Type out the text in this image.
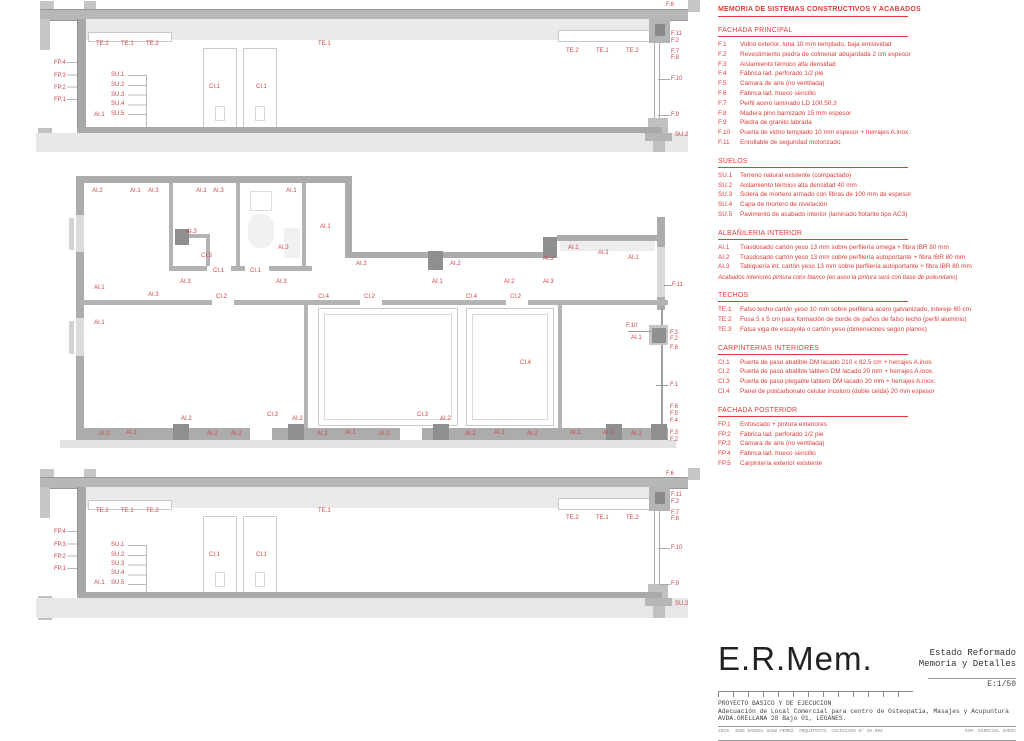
F.6
TE.2 TE.1 TE.2	TE.1
TE.2	TE.1	TE.2
F.11
F.2
F.7
F.8
F.10
F.9
SU.2
FP.4
FP.3
FP.2
FP.1
SU.1
SU.2
SU.3
SU.4
SU.5
AI.1
CI.1	CI.1
AI.2	AI.1 AI.3	AI.1 AI.3	AI.1
AI.1
AI.3
CI.5
AI.3
AI.1
AI.3
AI.1
CI.1	CI.1
AI.3	AI.3
AI.2	AI.2
AI.3
AI.1
AI.1
AI.1
AI.1	AI.2	AI.3	F.11
CI.2	CI.4	CI.2	CI.4	CI.2
CI.4
F.10
AI.1
F.3
F.2
F.8
F.1
F.6
F.5
F.4
F.3
F.2
AI.2	AI.1
AI.2
AI.2 AI.2
CI.3
AI.2
AI.2	AI.1	AI.2
CI.3
AI.2
AI.2	AI.1	AI.2	AI.1	AI.1	AI.1
F.6
TE.2 TE.1 TE.2	TE.1
TE.2	TE.1	TE.2
F.11
F.2
F.7
F.8
F.10
F.9
SU.2
FP.4
FP.3
FP.2
FP.1
SU.1
SU.2
SU.3
SU.4
SU.5
AI.1
CI.1	CI.1
MEMORIA DE SISTEMAS CONSTRUCTIVOS Y ACABADOS
FACHADA PRINCIPAL
F.1	Vidrio exterior, luna 10 mm templado, baja emisividad
F.2	Revestimiento piedra de colmenar abujardada 2 cm espesor
F.3	Aislamiento térmico alta densidad
F.4	Fábrica lad. perforado 1/2 pie
F.5	Cámara de aire (no ventilada)
F.6	Fábrica lad. hueco sencillo
F.7	Perfil acero laminado LD 100.50.3
F.8	Madera pino barnizado 15 mm espesor
F.9	Piedra de granito labrada
F.10	Puerta de vidrio templado 10 mm espesor + herrajes A.inox.
F.11	Enrollable de seguridad motorizado
SUELOS
SU.1	Terreno natural existente (compactado)
SU.2	Aislamiento térmico alta densidad 40 mm
SU.3	Solera de mortero armado con fibras de 100 mm de espesor
SU.4	Capa de mortero de nivelación
SU.5	Pavimento de acabado interior (laminado flotante tipo AC3)
ALBAÑILERIA INTERIOR
AI.1	Trasdosado cartón yeso 13 mm sobre perfilería omega + fibra IBR 80 mm
AI.2	Trasdosado cartón yeso 13 mm sobre perfilería autoportante + fibra IBR 80 mm
AI.3	Tabiquería int. cartón yeso 13 mm sobre perfilería autoportante + fibra IBR 80 mm
Acabados interiores pintura color blanco (en aseo la pintura será con base de poliuretano)
TECHOS
TE.1	Falso techo cartón yeso 10 mm sobre perfilería acero galvanizado, intereje 60 cm
TE.2	Fosa 5 x 5 cm para formación de borde de paños de falso techo (perfil aluminio)
TE.3	Falsa viga de escayola o cartón yeso (dimensiones según planos)
CARPINTERIAS INTERIORES
CI.1	Puerta de paso abatible DM lacado 210 x 82.5 cm + herrajes A.inox.
CI.2	Puerta de paso abatible tablero DM lacado 20 mm + herrajes A.inox.
CI.3	Puerta de paso plegable tablero DM lacado 20 mm + herrajes A.inox.
CI.4	Panel de policarbonato celular incoloro (doble celda) 20 mm espesor
FACHADA POSTERIOR
FP.1	Enfoscado + pintura exteriores
FP.2	Fábrica lad. perforado 1/2 pie
FP.3	Cámara de aire (no ventilada)
FP.4	Fábrica lad. hueco sencillo
FP.5	Carpintería exterior existente
E.R.Mem.	Estado Reformado
Memoria y Detalles
E:1/50
PROYECTO BASICO Y DE EJECUCION
Adecuación de Local Comercial para centro de Osteopatía, Masajes y Acupuntura
AVDA.ORELLANA 28 Bajo 01, LEGANES.
2010. JOSE DANIEL SANZ PEREZ. ARQUITECTO. COLEGIADO Nº 18.002	COM. ESPECIAL ZARZA
